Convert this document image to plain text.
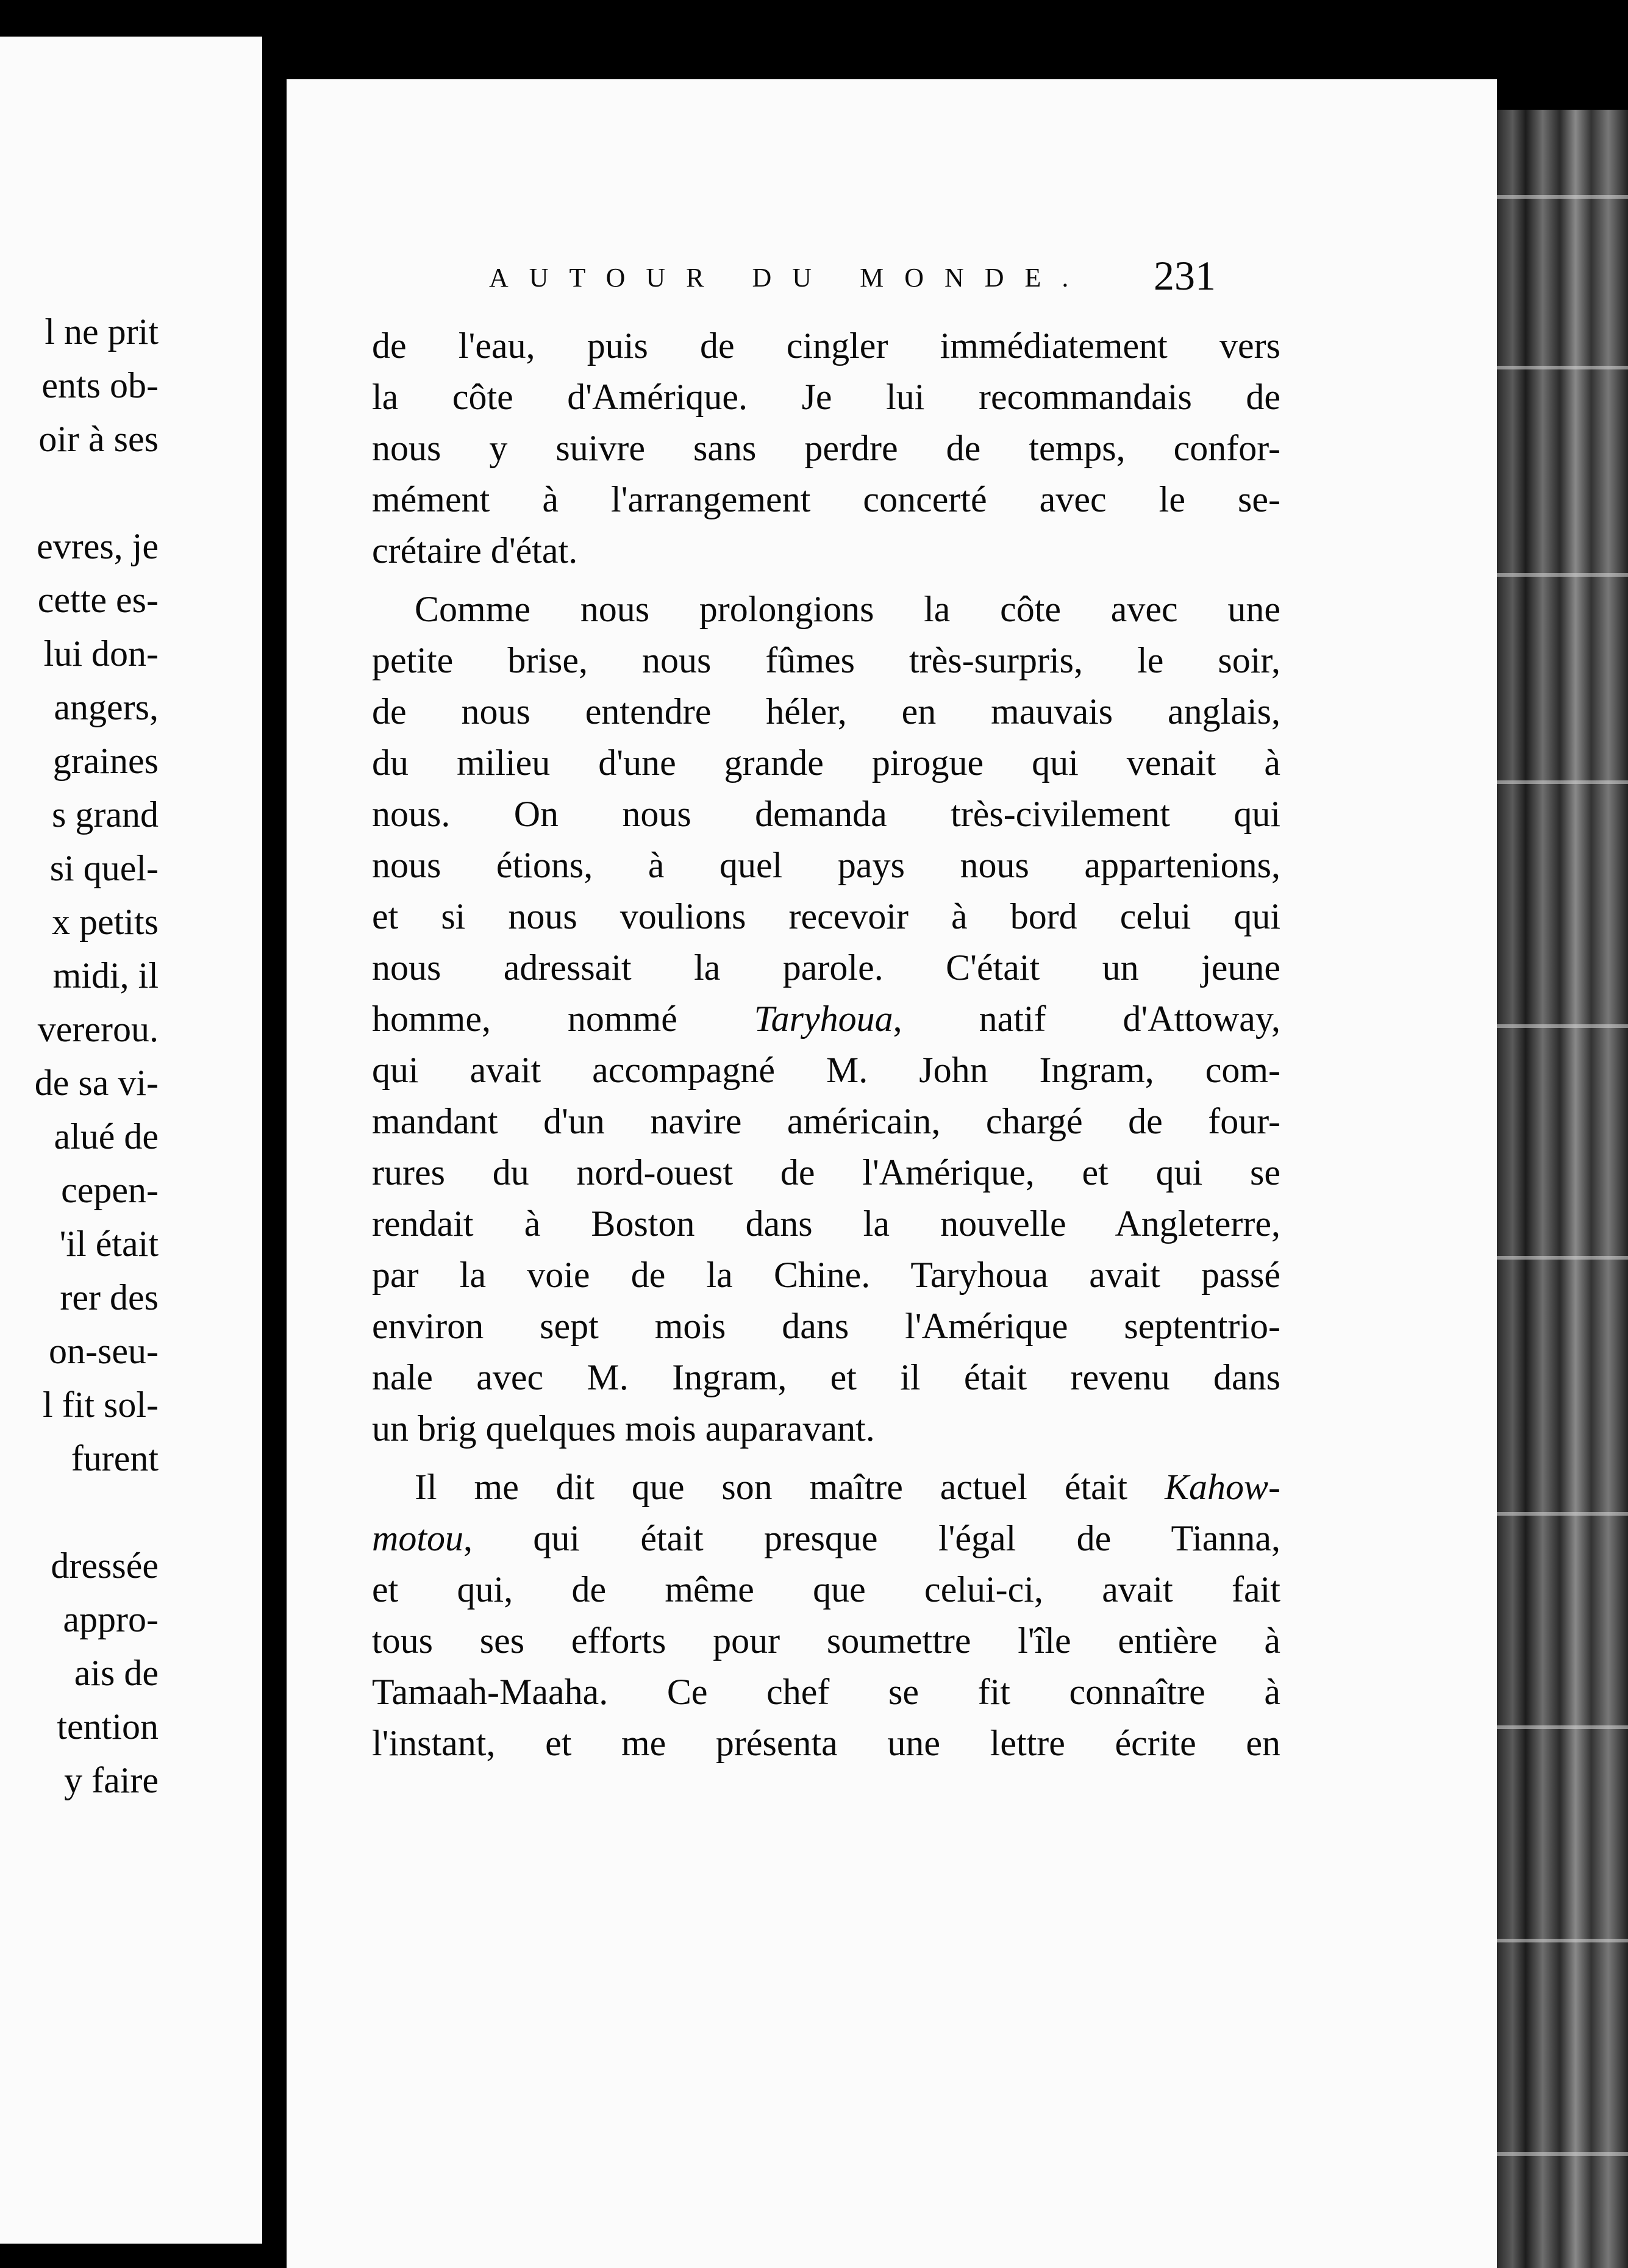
l ne prit
ents ob-
oir à ses
evres, je
cette es-
lui don-
angers,
graines
s grand
si quel-
x petits
midi, il
vererou.
de sa vi-
alué de
cepen-
'il était
rer des
on-seu-
l fit sol-
furent
dressée
appro-
ais de
tention
y faire
AUTOUR DU MONDE. 231
de l'eau, puis de cingler immédiatement vers
la côte d'Amérique. Je lui recommandais de
nous y suivre sans perdre de temps, confor-
mément à l'arrangement concerté avec le se-
crétaire d'état.
Comme nous prolongions la côte avec une
petite brise, nous fûmes très-surpris, le soir,
de nous entendre héler, en mauvais anglais,
du milieu d'une grande pirogue qui venait à
nous. On nous demanda très-civilement qui
nous étions, à quel pays nous appartenions,
et si nous voulions recevoir à bord celui qui
nous adressait la parole. C'était un jeune
homme, nommé Taryhoua, natif d'Attoway,
qui avait accompagné M. John Ingram, com-
mandant d'un navire américain, chargé de four-
rures du nord-ouest de l'Amérique, et qui se
rendait à Boston dans la nouvelle Angleterre,
par la voie de la Chine. Taryhoua avait passé
environ sept mois dans l'Amérique septentrio-
nale avec M. Ingram, et il était revenu dans
un brig quelques mois auparavant.
Il me dit que son maître actuel était Kahow-
motou, qui était presque l'égal de Tianna,
et qui, de même que celui-ci, avait fait
tous ses efforts pour soumettre l'île entière à
Tamaah-Maaha. Ce chef se fit connaître à
l'instant, et me présenta une lettre écrite en
